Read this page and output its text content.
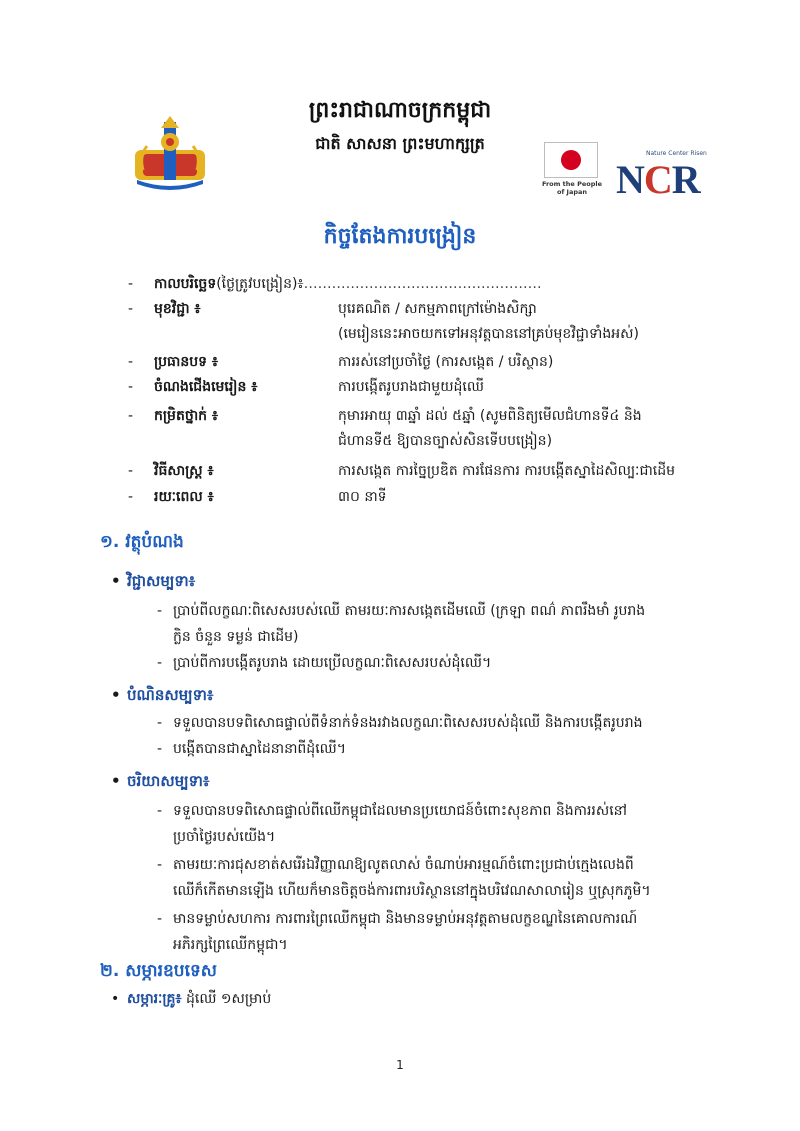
ព្រះរាជាណាចក្រកម្ពុជា
ជាតិ សាសនា ព្រះមហាក្សត្រ
From the People of Japan
Nature Center Risen
NCR
កិច្ចតែងការបង្រៀន
-	កាលបរិច្ឆេទ(ថ្ងៃត្រូវបង្រៀន)៖……………………………………………
-	មុខវិជ្ជា ៖	បុរេគណិត / សកម្មភាពក្រៅម៉ោងសិក្សា
(មេរៀននេះអាចយកទៅអនុវត្តបាននៅគ្រប់មុខវិជ្ជាទាំងអស់)
-	ប្រធានបទ ៖	ការរស់នៅប្រចាំថ្ងៃ (ការសង្កេត / បរិស្ថាន)
-	ចំណងជើងមេរៀន ៖	ការបង្កើតរូបរាងជាមួយដុំឈើ
-	កម្រិតថ្នាក់ ៖	កុមារអាយុ ៣ឆ្នាំ ដល់ ៥ឆ្នាំ (សូមពិនិត្យមើលជំហានទី៤ និង
ជំហានទី៥ ឱ្យបានច្បាស់សិនទើបបង្រៀន)
-	វិធីសាស្ត្រ ៖	ការសង្កេត ការច្នៃប្រឌិត ការផែនការ ការបង្កើតស្នាដៃសិល្បៈជាដើម
-	រយៈពេល ៖	៣០ នាទី
១. វត្ថុបំណង
• វិជ្ជាសម្បទា៖
- ប្រាប់ពីលក្ខណៈពិសេសរបស់ឈើ តាមរយៈការសង្កេតដើមឈើ (ក្រឡា ពណ៌ ភាពរឹងមាំ រូបរាង
ក្លិន ចំនួន ទម្ងន់ ជាដើម)
- ប្រាប់ពីការបង្កើតរូបរាង ដោយប្រើលក្ខណៈពិសេសរបស់ដុំឈើ។
• បំណិនសម្បទា៖
- ទទួលបានបទពិសោធផ្ទាល់ពីទំនាក់ទំនងរវាងលក្ខណៈពិសេសរបស់ដុំឈើ និងការបង្កើតរូបរាង
- បង្កើតបានជាស្នាដៃនានាពីដុំឈើ។
• ចរិយាសម្បទា៖
- ទទួលបានបទពិសោធផ្ទាល់ពីឈើកម្ពុជាដែលមានប្រយោជន៍ចំពោះសុខភាព និងការរស់នៅ
ប្រចាំថ្ងៃរបស់យើង។
- តាមរយៈការជុសខាត់សរើរឯវិញ្ញាណឱ្យលូតលាស់ ចំណាប់អារម្មណ៍ចំពោះប្រជាប់ក្មេងលេងពី
ឈើក៏កើតមានឡើង ហើយក៏មានចិត្តចង់ការពារបរិស្ថាននៅក្នុងបរិវេណសាលារៀន ឬស្រុកភូមិ។
- មានទម្លាប់សហការ ការពារព្រៃឈើកម្ពុជា និងមានទម្លាប់អនុវត្តតាមលក្ខខណ្ឌនៃគោលការណ៍
អភិរក្សព្រៃឈើកម្ពុជា។
២. សម្ភារឧបទេស
• សម្ភារៈគ្រូ៖ ដុំឈើ ១សម្រាប់
1
